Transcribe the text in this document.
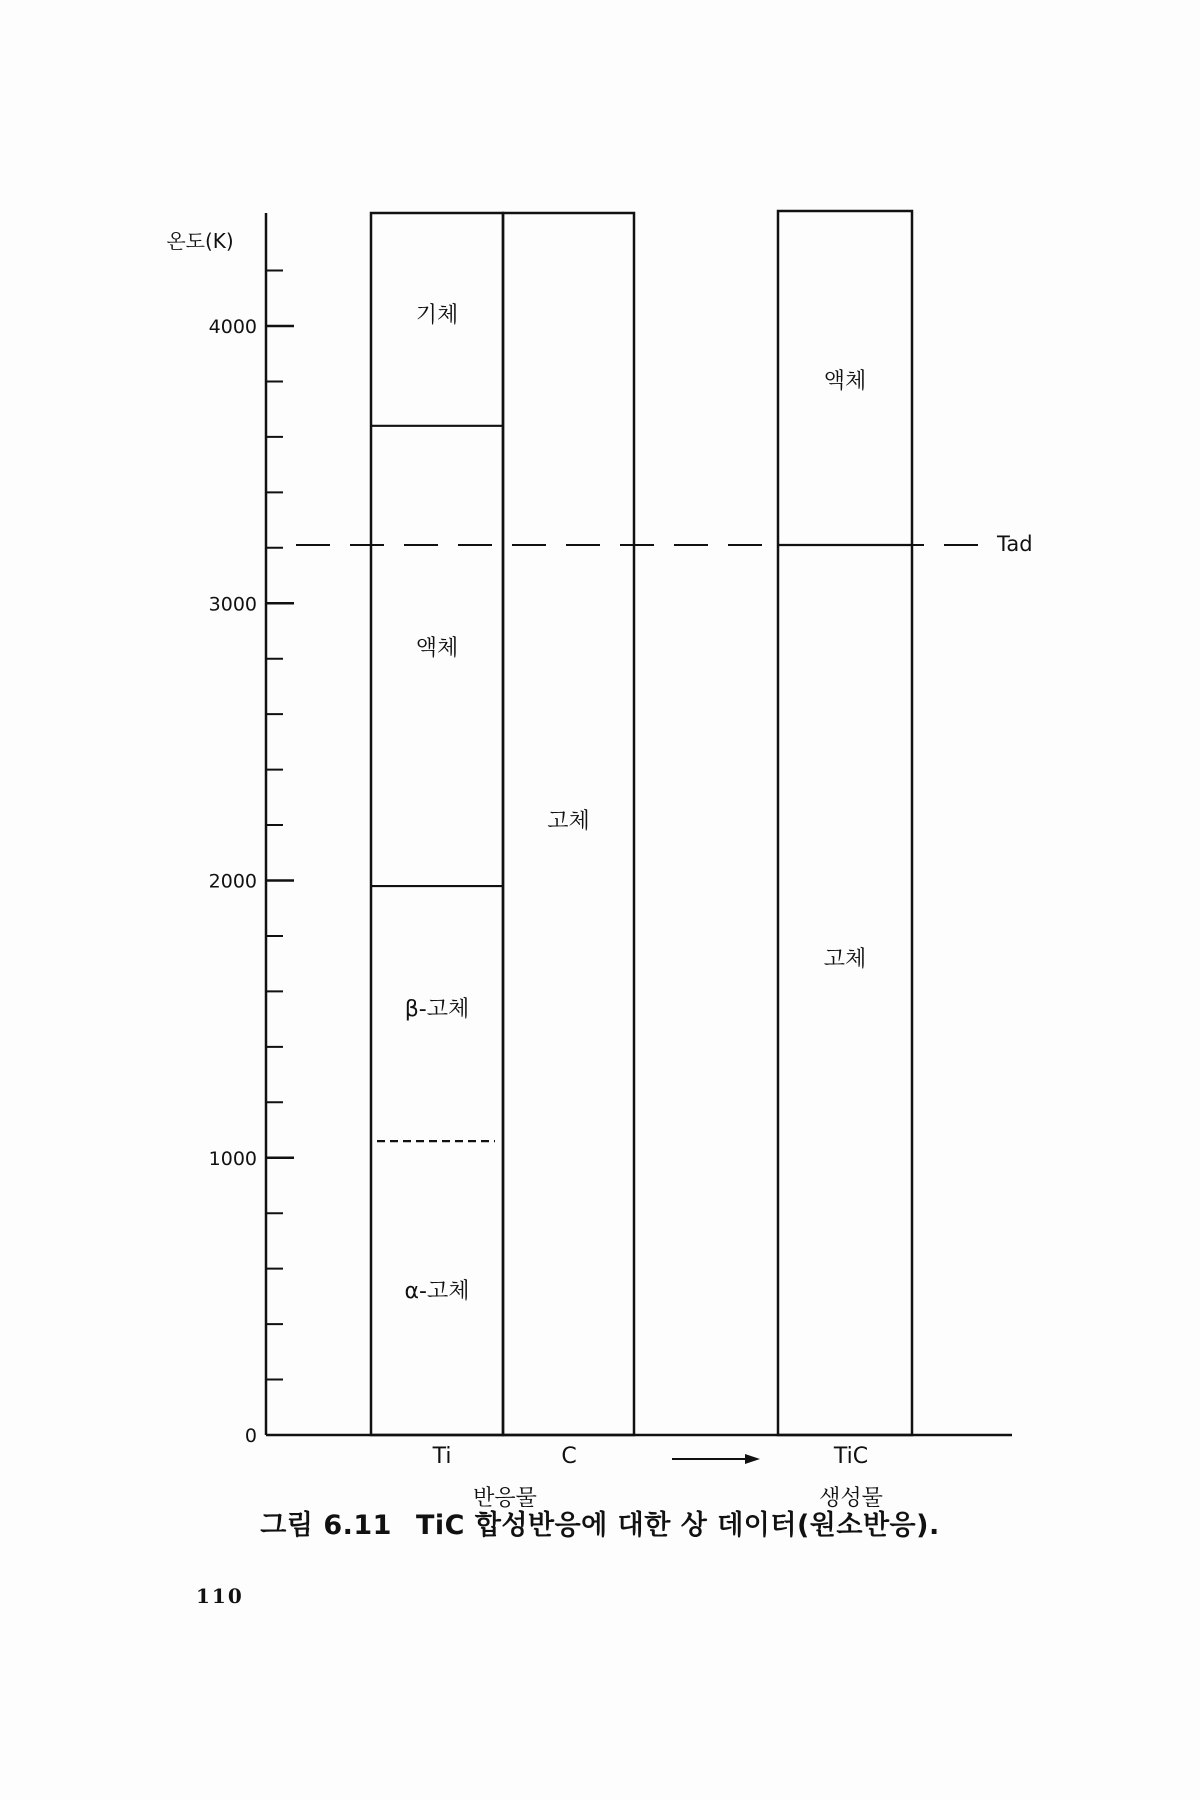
온도(K)
4000
3000
2000
1000
0
Tad
기체
액체
β-고체
α-고체
고체
액체
고체
Ti	C	TiC
반응물	생성물
그림 6.11 TiC 합성반응에 대한 상 데이터(원소반응).
110
